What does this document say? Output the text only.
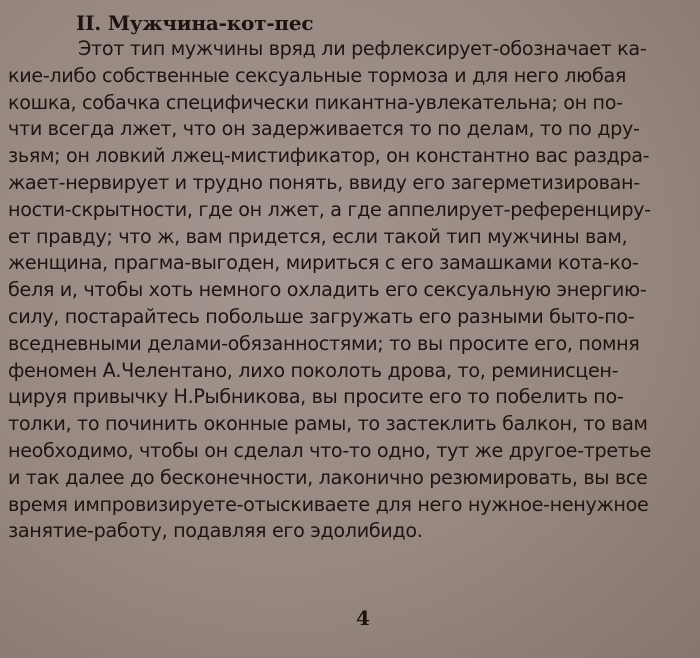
II. Мужчина-кот-пес
Этот тип мужчины вряд ли рефлексирует-обозначает ка-
кие-либо собственные сексуальные тормоза и для него любая
кошка, собачка специфически пикантна-увлекательна; он по-
чти всегда лжет, что он задерживается то по делам, то по дру-
зьям; он ловкий лжец-мистификатор, он константно вас раздра-
жает-нервирует и трудно понять, ввиду его загерметизирован-
ности-скрытности, где он лжет, а где аппелирует-референциру-
ет правду; что ж, вам придется, если такой тип мужчины вам,
женщина, прагма-выгоден, мириться с его замашками кота-ко-
беля и, чтобы хоть немного охладить его сексуальную энергию-
силу, постарайтесь побольше загружать его разными быто-по-
вседневными делами-обязанностями; то вы просите его, помня
феномен А.Челентано, лихо поколоть дрова, то, реминисцен-
цируя привычку Н.Рыбникова, вы просите его то побелить по-
толки, то починить оконные рамы, то застеклить балкон, то вам
необходимо, чтобы он сделал что-то одно, тут же другое-третье
и так далее до бесконечности, лаконично резюмировать, вы все
время импровизируете-отыскиваете для него нужное-ненужное
занятие-работу, подавляя его эдолибидо.
4
